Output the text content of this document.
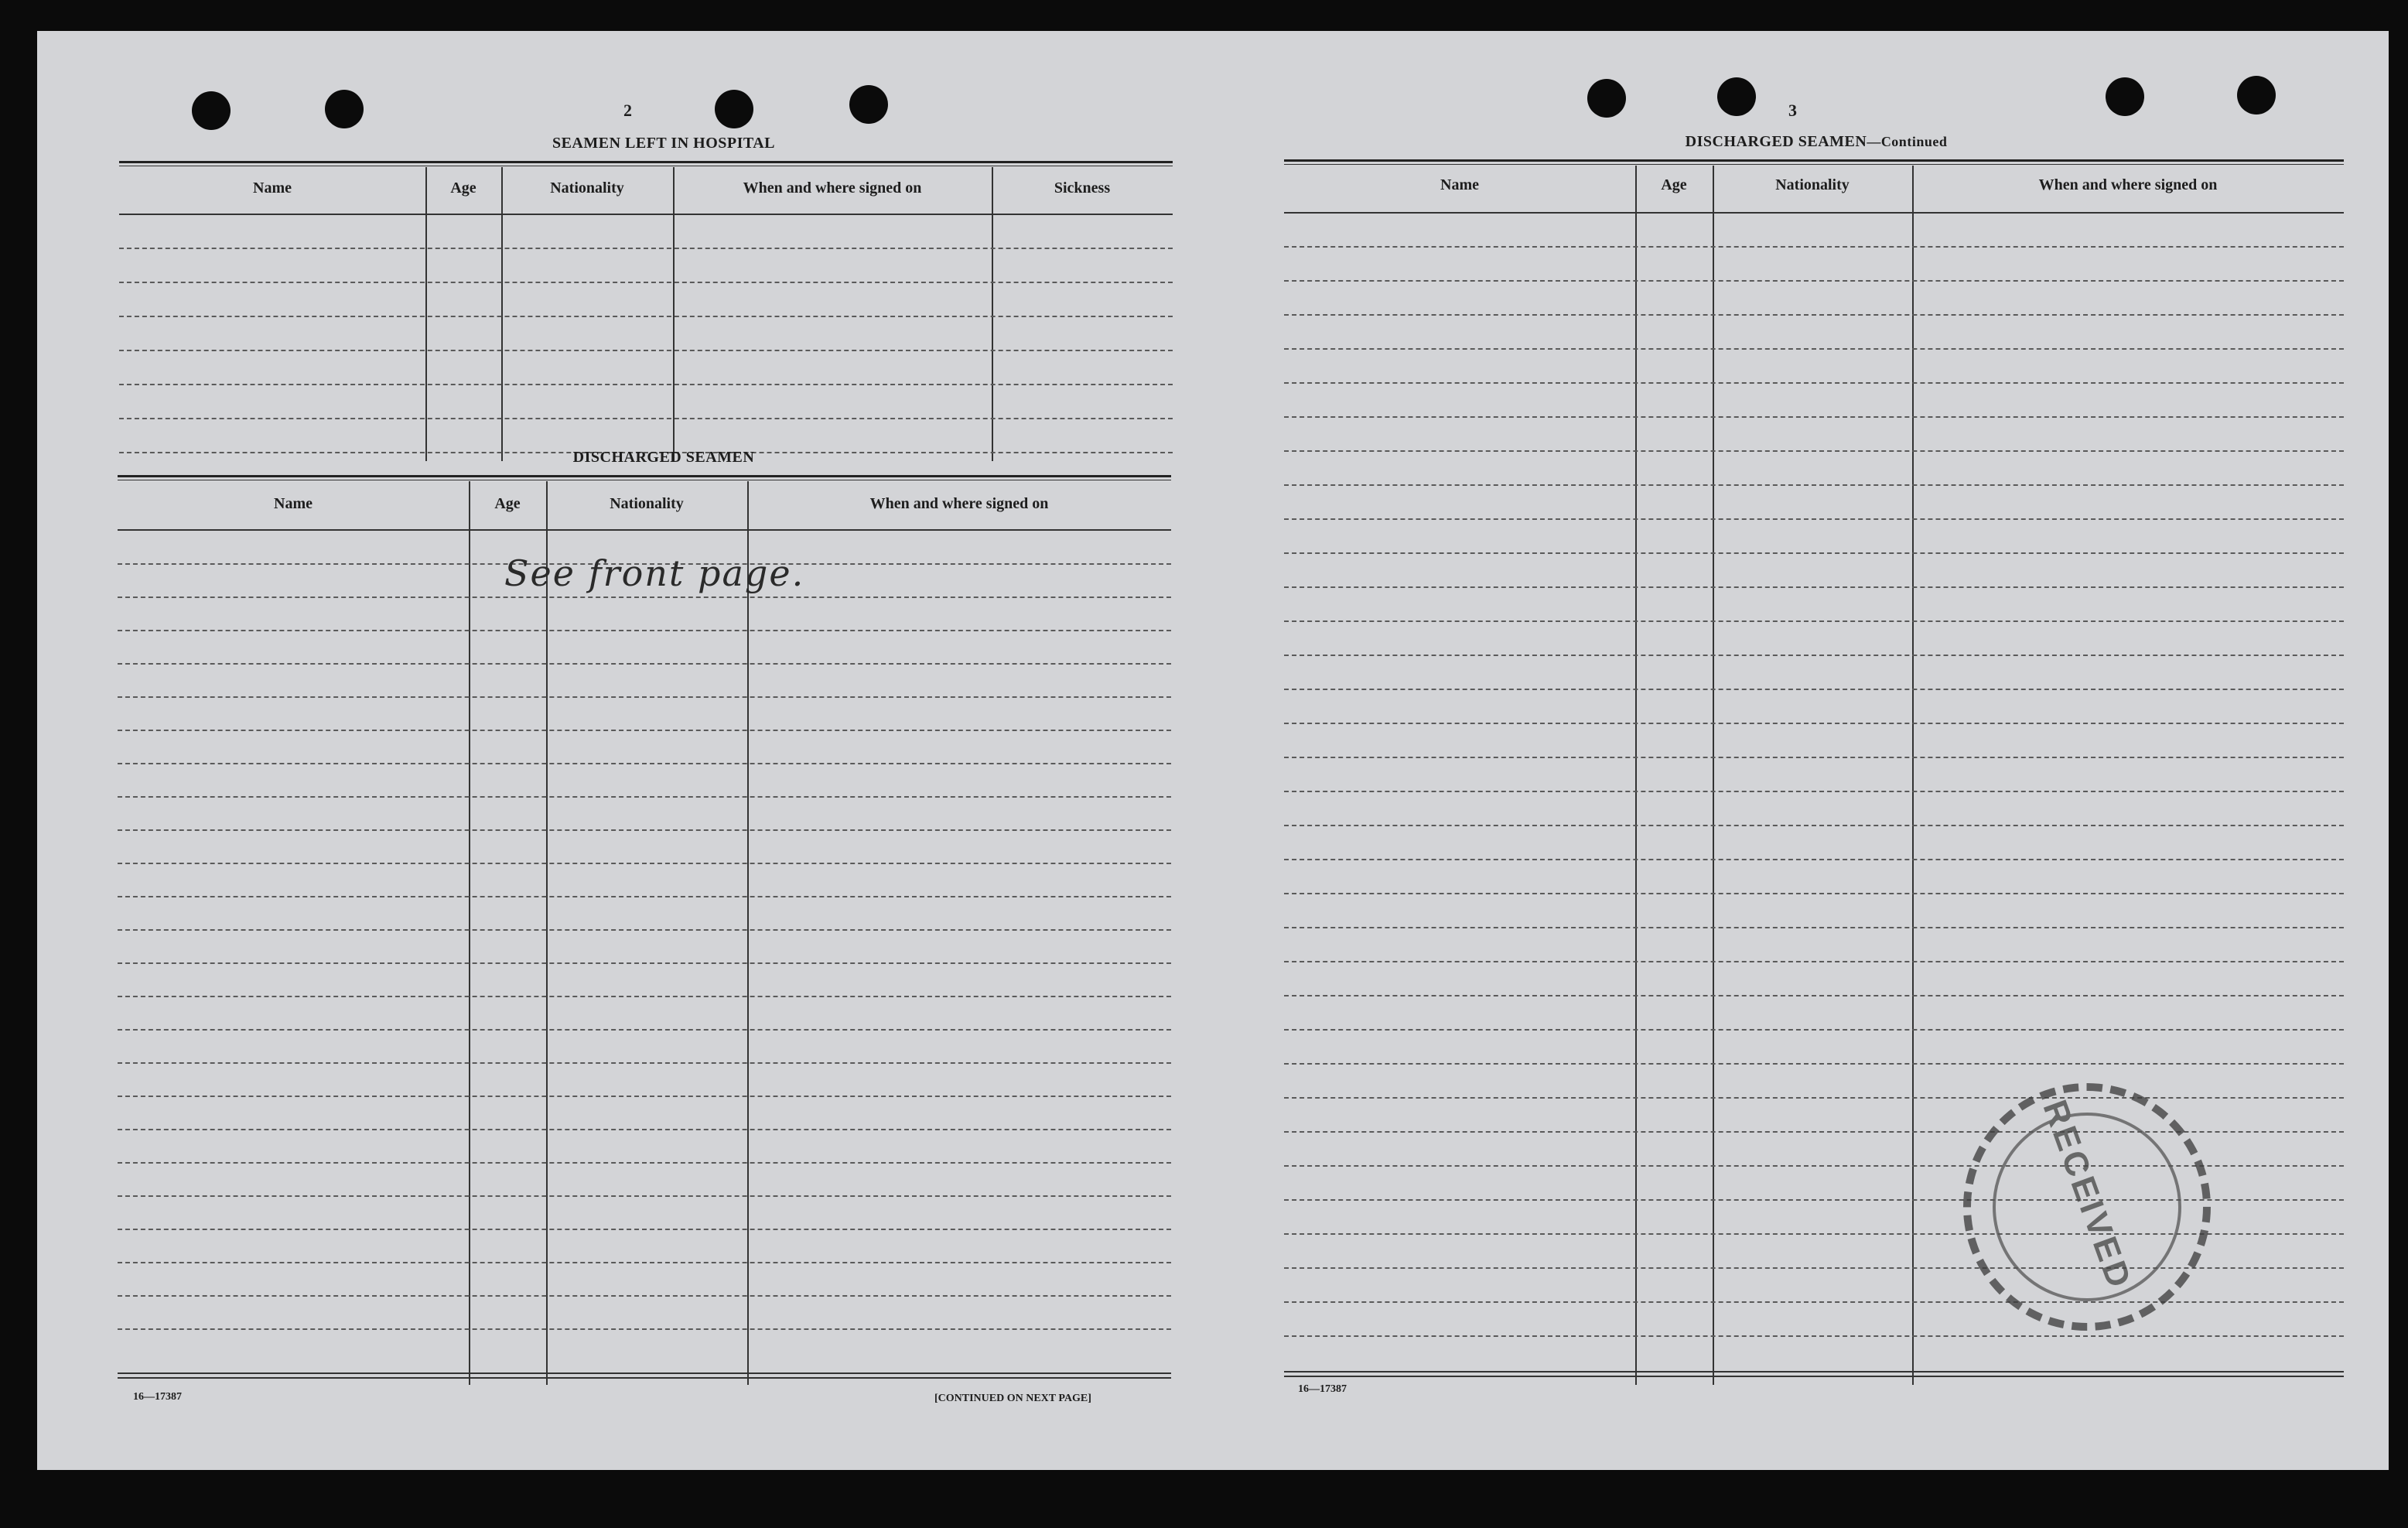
2
SEAMEN LEFT IN HOSPITAL
Name	Age	Nationality	When and where signed on	Sickness
DISCHARGED SEAMEN
Name	Age	Nationality	When and where signed on
See front page.
16—17387	[CONTINUED ON NEXT PAGE]
3
DISCHARGED SEAMEN—Continued
Name	Age	Nationality	When and where signed on
RECEIVED
16—17387
